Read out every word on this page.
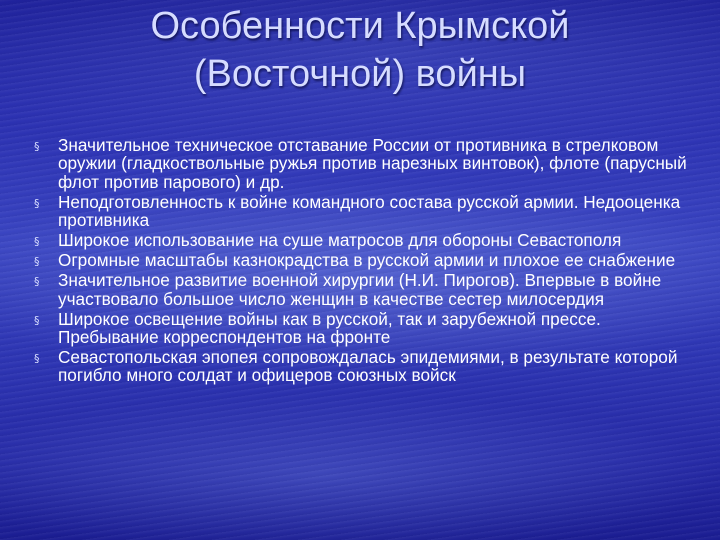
Особенности Крымской
(Восточной) войны
§ Значительное техническое отставание России от противника в стрелковом оружии (гладкоствольные ружья против нарезных винтовок), флоте (парусный флот против парового) и др.
§ Неподготовленность к войне командного состава русской армии. Недооценка противника
§ Широкое использование на суше матросов для обороны Севастополя
§ Огромные масштабы казнокрадства в русской армии и плохое ее снабжение
§ Значительное развитие военной хирургии (Н.И. Пирогов). Впервые в войне участвовало большое число женщин в качестве сестер милосердия
§ Широкое освещение войны как в русской, так и зарубежной прессе. Пребывание корреспондентов на фронте
§ Севастопольская эпопея сопровождалась эпидемиями, в результате которой погибло много солдат и офицеров союзных войск
